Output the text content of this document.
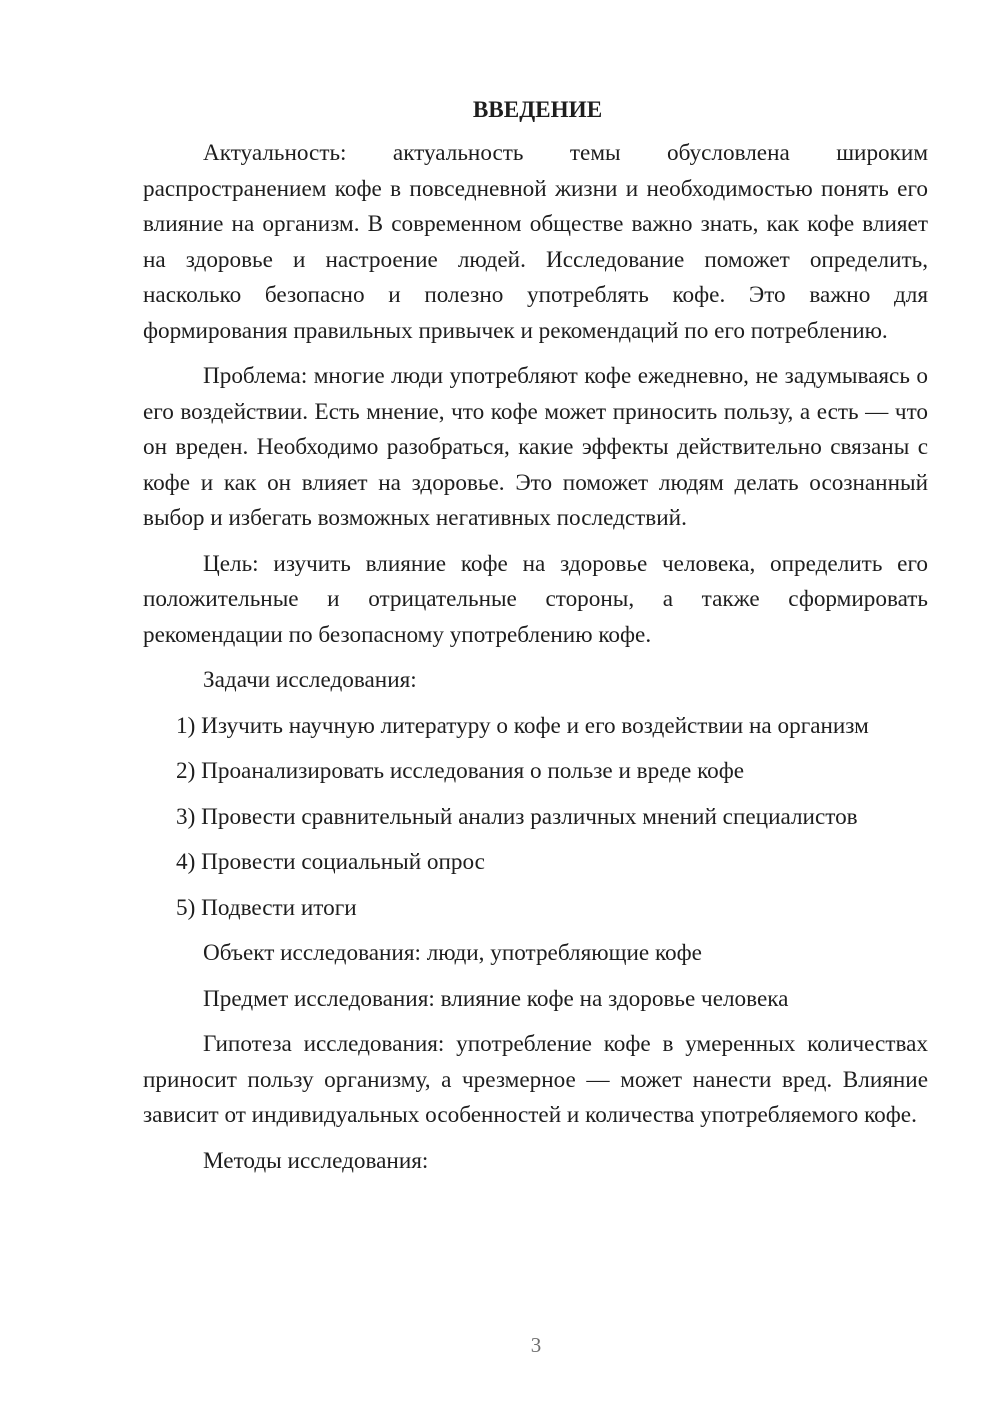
ВВЕДЕНИЕ

Актуальность: актуальность темы обусловлена широким распространением кофе в повседневной жизни и необходимостью понять его влияние на организм. В современном обществе важно знать, как кофе влияет на здоровье и настроение людей. Исследование поможет определить, насколько безопасно и полезно употреблять кофе. Это важно для формирования правильных привычек и рекомендаций по его потреблению.

Проблема: многие люди употребляют кофе ежедневно, не задумываясь о его воздействии. Есть мнение, что кофе может приносить пользу, а есть — что он вреден. Необходимо разобраться, какие эффекты действительно связаны с кофе и как он влияет на здоровье. Это поможет людям делать осознанный выбор и избегать возможных негативных последствий.

Цель: изучить влияние кофе на здоровье человека, определить его положительные и отрицательные стороны, а также сформировать рекомендации по безопасному употреблению кофе.

Задачи исследования:

1) Изучить научную литературу о кофе и его воздействии на организм
2) Проанализировать исследования о пользе и вреде кофе
3) Провести сравнительный анализ различных мнений специалистов
4) Провести социальный опрос
5) Подвести итоги

Объект исследования: люди, употребляющие кофе

Предмет исследования: влияние кофе на здоровье человека

Гипотеза исследования: употребление кофе в умеренных количествах приносит пользу организму, а чрезмерное — может нанести вред. Влияние зависит от индивидуальных особенностей и количества употребляемого кофе.

Методы исследования:

3
